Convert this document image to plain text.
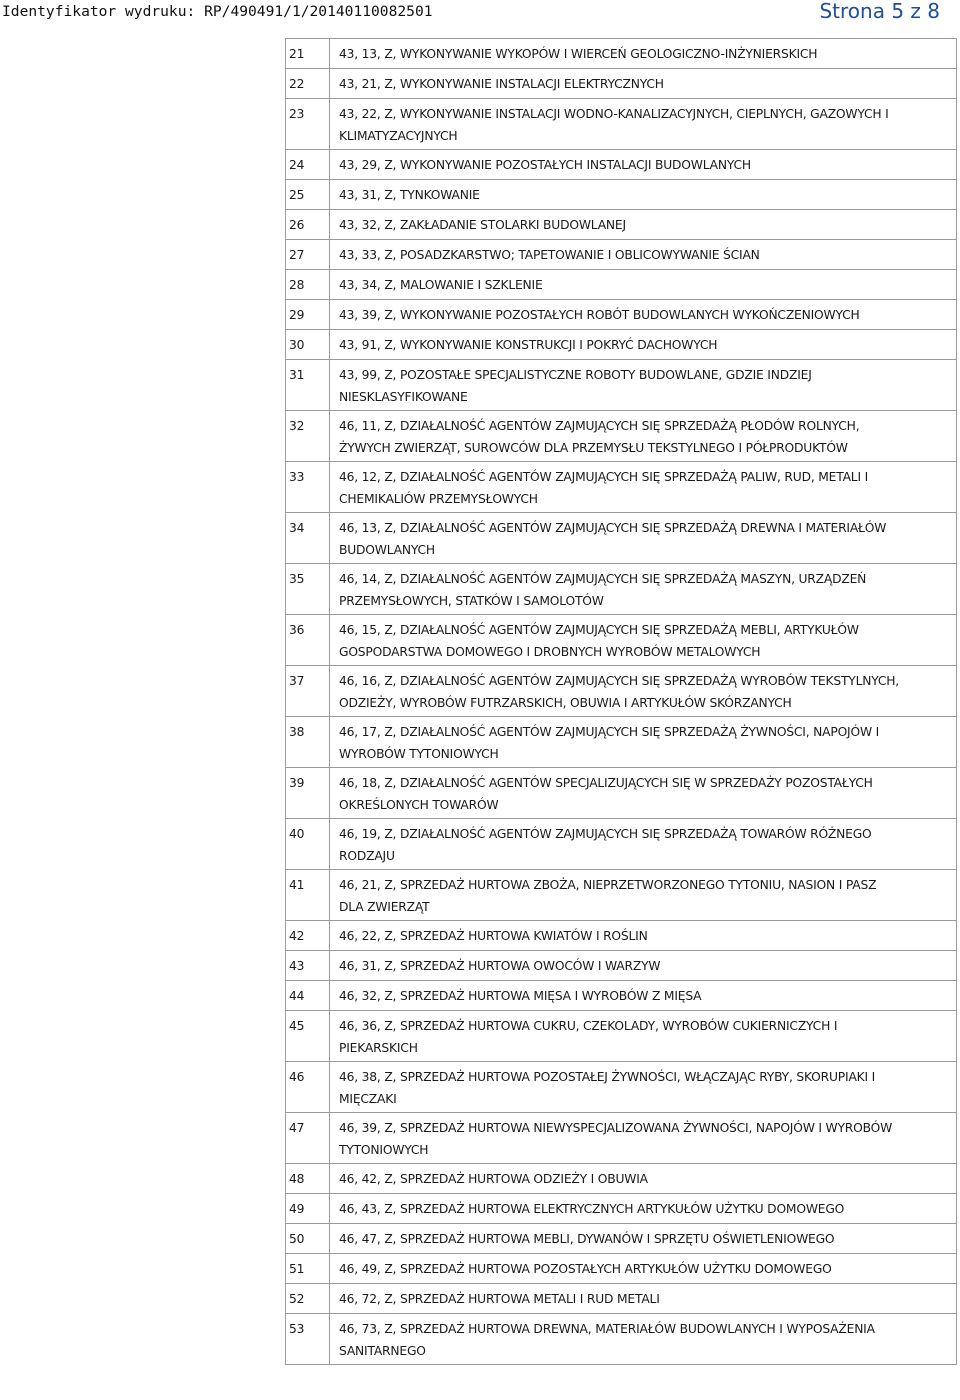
Identyfikator wydruku: RP/490491/1/20140110082501	Strona 5 z 8
21	43, 13, Z, WYKONYWANIE WYKOPÓW I WIERCEŃ GEOLOGICZNO-INŻYNIERSKICH

22	43, 21, Z, WYKONYWANIE INSTALACJI ELEKTRYCZNYCH

23	43, 22, Z, WYKONYWANIE INSTALACJI WODNO-KANALIZACYJNYCH, CIEPLNYCH, GAZOWYCH I
KLIMATYZACYJNYCH

24	43, 29, Z, WYKONYWANIE POZOSTAŁYCH INSTALACJI BUDOWLANYCH

25	43, 31, Z, TYNKOWANIE

26	43, 32, Z, ZAKŁADANIE STOLARKI BUDOWLANEJ

27	43, 33, Z, POSADZKARSTWO; TAPETOWANIE I OBLICOWYWANIE ŚCIAN

28	43, 34, Z, MALOWANIE I SZKLENIE

29	43, 39, Z, WYKONYWANIE POZOSTAŁYCH ROBÓT BUDOWLANYCH WYKOŃCZENIOWYCH

30	43, 91, Z, WYKONYWANIE KONSTRUKCJI I POKRYĆ DACHOWYCH

31	43, 99, Z, POZOSTAŁE SPECJALISTYCZNE ROBOTY BUDOWLANE, GDZIE INDZIEJ
NIESKLASYFIKOWANE

32	46, 11, Z, DZIAŁALNOŚĆ AGENTÓW ZAJMUJĄCYCH SIĘ SPRZEDAŻĄ PŁODÓW ROLNYCH,
ŻYWYCH ZWIERZĄT, SUROWCÓW DLA PRZEMYSŁU TEKSTYLNEGO I PÓŁPRODUKTÓW

33	46, 12, Z, DZIAŁALNOŚĆ AGENTÓW ZAJMUJĄCYCH SIĘ SPRZEDAŻĄ PALIW, RUD, METALI I
CHEMIKALIÓW PRZEMYSŁOWYCH

34	46, 13, Z, DZIAŁALNOŚĆ AGENTÓW ZAJMUJĄCYCH SIĘ SPRZEDAŻĄ DREWNA I MATERIAŁÓW
BUDOWLANYCH

35	46, 14, Z, DZIAŁALNOŚĆ AGENTÓW ZAJMUJĄCYCH SIĘ SPRZEDAŻĄ MASZYN, URZĄDZEŃ
PRZEMYSŁOWYCH, STATKÓW I SAMOLOTÓW

36	46, 15, Z, DZIAŁALNOŚĆ AGENTÓW ZAJMUJĄCYCH SIĘ SPRZEDAŻĄ MEBLI, ARTYKUŁÓW
GOSPODARSTWA DOMOWEGO I DROBNYCH WYROBÓW METALOWYCH

37	46, 16, Z, DZIAŁALNOŚĆ AGENTÓW ZAJMUJĄCYCH SIĘ SPRZEDAŻĄ WYROBÓW TEKSTYLNYCH,
ODZIEŻY, WYROBÓW FUTRZARSKICH, OBUWIA I ARTYKUŁÓW SKÓRZANYCH

38	46, 17, Z, DZIAŁALNOŚĆ AGENTÓW ZAJMUJĄCYCH SIĘ SPRZEDAŻĄ ŻYWNOŚCI, NAPOJÓW I
WYROBÓW TYTONIOWYCH

39	46, 18, Z, DZIAŁALNOŚĆ AGENTÓW SPECJALIZUJĄCYCH SIĘ W SPRZEDAŻY POZOSTAŁYCH
OKREŚLONYCH TOWARÓW

40	46, 19, Z, DZIAŁALNOŚĆ AGENTÓW ZAJMUJĄCYCH SIĘ SPRZEDAŻĄ TOWARÓW RÓŻNEGO
RODZAJU

41	46, 21, Z, SPRZEDAŻ HURTOWA ZBOŻA, NIEPRZETWORZONEGO TYTONIU, NASION I PASZ
DLA ZWIERZĄT

42	46, 22, Z, SPRZEDAŻ HURTOWA KWIATÓW I ROŚLIN

43	46, 31, Z, SPRZEDAŻ HURTOWA OWOCÓW I WARZYW

44	46, 32, Z, SPRZEDAŻ HURTOWA MIĘSA I WYROBÓW Z MIĘSA

45	46, 36, Z, SPRZEDAŻ HURTOWA CUKRU, CZEKOLADY, WYROBÓW CUKIERNICZYCH I
PIEKARSKICH

46	46, 38, Z, SPRZEDAŻ HURTOWA POZOSTAŁEJ ŻYWNOŚCI, WŁĄCZAJĄC RYBY, SKORUPIAKI I
MIĘCZAKI

47	46, 39, Z, SPRZEDAŻ HURTOWA NIEWYSPECJALIZOWANA ŻYWNOŚCI, NAPOJÓW I WYROBÓW
TYTONIOWYCH

48	46, 42, Z, SPRZEDAŻ HURTOWA ODZIEŻY I OBUWIA

49	46, 43, Z, SPRZEDAŻ HURTOWA ELEKTRYCZNYCH ARTYKUŁÓW UŻYTKU DOMOWEGO

50	46, 47, Z, SPRZEDAŻ HURTOWA MEBLI, DYWANÓW I SPRZĘTU OŚWIETLENIOWEGO

51	46, 49, Z, SPRZEDAŻ HURTOWA POZOSTAŁYCH ARTYKUŁÓW UŻYTKU DOMOWEGO

52	46, 72, Z, SPRZEDAŻ HURTOWA METALI I RUD METALI

53	46, 73, Z, SPRZEDAŻ HURTOWA DREWNA, MATERIAŁÓW BUDOWLANYCH I WYPOSAŻENIA
SANITARNEGO
